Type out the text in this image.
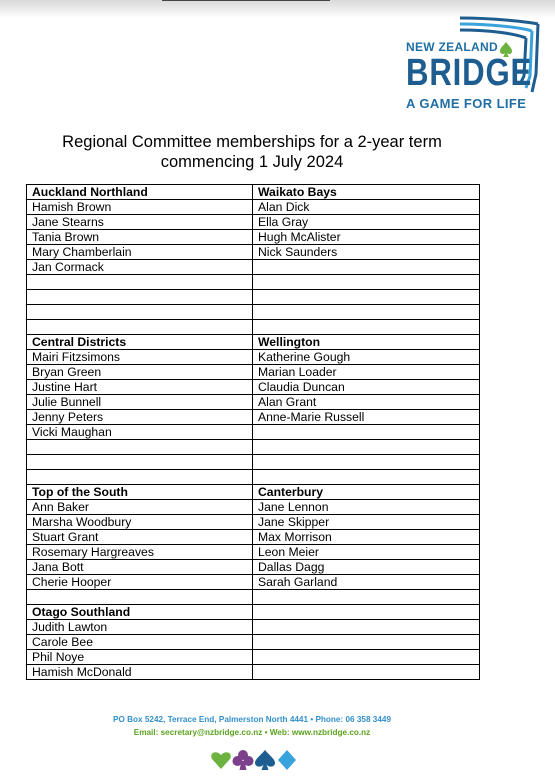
NEW ZEALAND
BRIDGE
A GAME FOR LIFE
Regional Committee memberships for a 2-year term
commencing 1 July 2024
Auckland Northland	Waikato Bays
Hamish Brown	Alan Dick
Jane Stearns	Ella Gray
Tania Brown	Hugh McAlister
Mary Chamberlain	Nick Saunders
Jan Cormack	

Central Districts	Wellington
Mairi Fitzsimons	Katherine Gough
Bryan Green	Marian Loader
Justine Hart	Claudia Duncan
Julie Bunnell	Alan Grant
Jenny Peters	Anne-Marie Russell
Vicki Maughan	

Top of the South	Canterbury
Ann Baker	Jane Lennon
Marsha Woodbury	Jane Skipper
Stuart Grant	Max Morrison
Rosemary Hargreaves	Leon Meier
Jana Bott	Dallas Dagg
Cherie Hooper	Sarah Garland

Otago Southland	
Judith Lawton	
Carole Bee	
Phil Noye	
Hamish McDonald	
PO Box 5242, Terrace End, Palmerston North 4441 • Phone: 06 358 3449
Email: secretary@nzbridge.co.nz • Web: www.nzbridge.co.nz
